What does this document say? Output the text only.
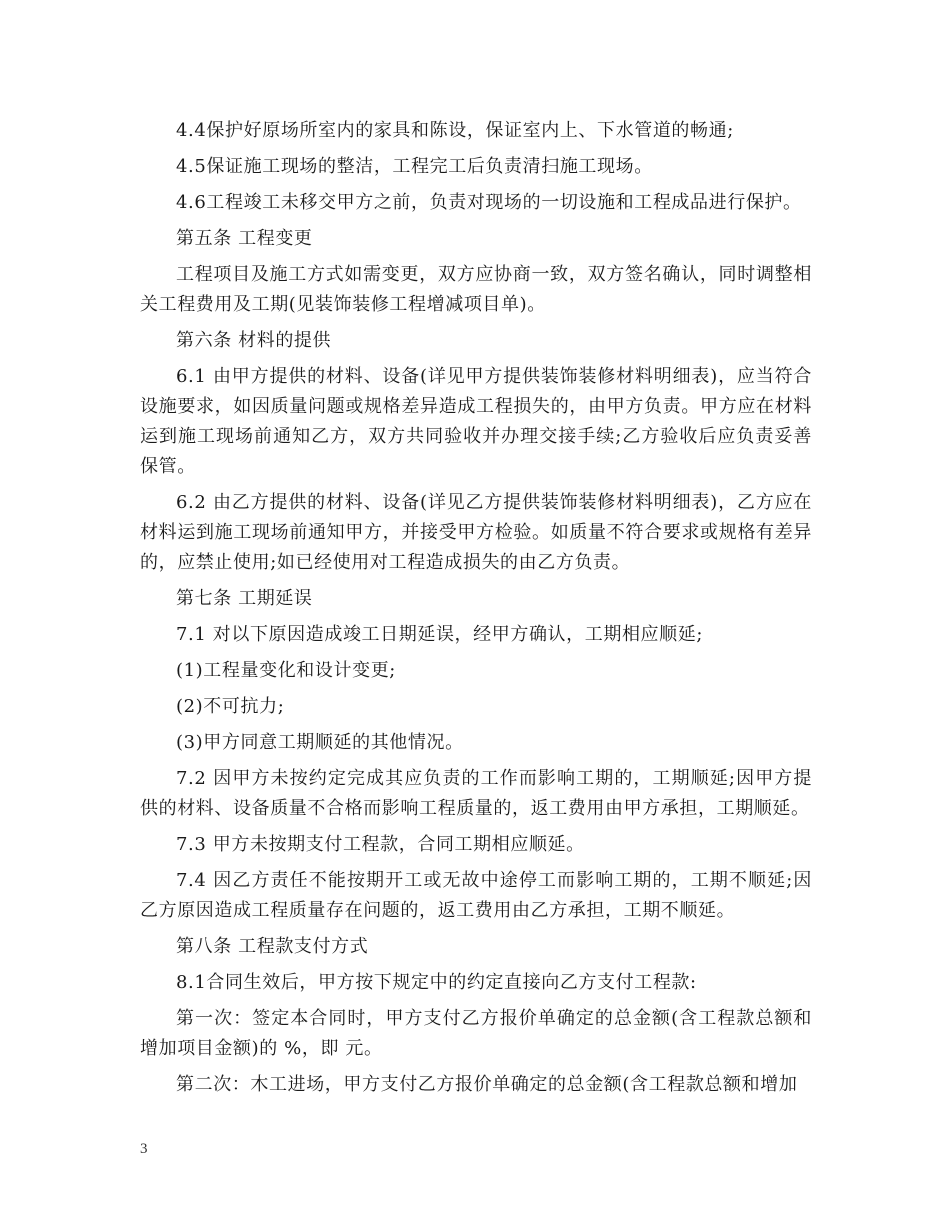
4.4保护好原场所室内的家具和陈设，保证室内上、下水管道的畅通;

4.5保证施工现场的整洁，工程完工后负责清扫施工现场。

4.6工程竣工未移交甲方之前，负责对现场的一切设施和工程成品进行保护。

第五条 工程变更

工程项目及施工方式如需变更，双方应协商一致，双方签名确认，同时调整相关工程费用及工期(见装饰装修工程增减项目单)。

第六条 材料的提供

6.1 由甲方提供的材料、设备(详见甲方提供装饰装修材料明细表)，应当符合设施要求，如因质量问题或规格差异造成工程损失的，由甲方负责。甲方应在材料运到施工现场前通知乙方，双方共同验收并办理交接手续;乙方验收后应负责妥善保管。

6.2 由乙方提供的材料、设备(详见乙方提供装饰装修材料明细表)，乙方应在材料运到施工现场前通知甲方，并接受甲方检验。如质量不符合要求或规格有差异的，应禁止使用;如已经使用对工程造成损失的由乙方负责。

第七条 工期延误

7.1 对以下原因造成竣工日期延误，经甲方确认，工期相应顺延;

(1)工程量变化和设计变更;

(2)不可抗力;

(3)甲方同意工期顺延的其他情况。

7.2 因甲方未按约定完成其应负责的工作而影响工期的，工期顺延;因甲方提供的材料、设备质量不合格而影响工程质量的，返工费用由甲方承担，工期顺延。

7.3 甲方未按期支付工程款，合同工期相应顺延。

7.4 因乙方责任不能按期开工或无故中途停工而影响工期的，工期不顺延;因乙方原因造成工程质量存在问题的，返工费用由乙方承担，工期不顺延。

第八条 工程款支付方式

8.1合同生效后，甲方按下规定中的约定直接向乙方支付工程款:

第一次：签定本合同时，甲方支付乙方报价单确定的总金额(含工程款总额和增加项目金额)的 %，即 元。

第二次：木工进场，甲方支付乙方报价单确定的总金额(含工程款总额和增加

3
